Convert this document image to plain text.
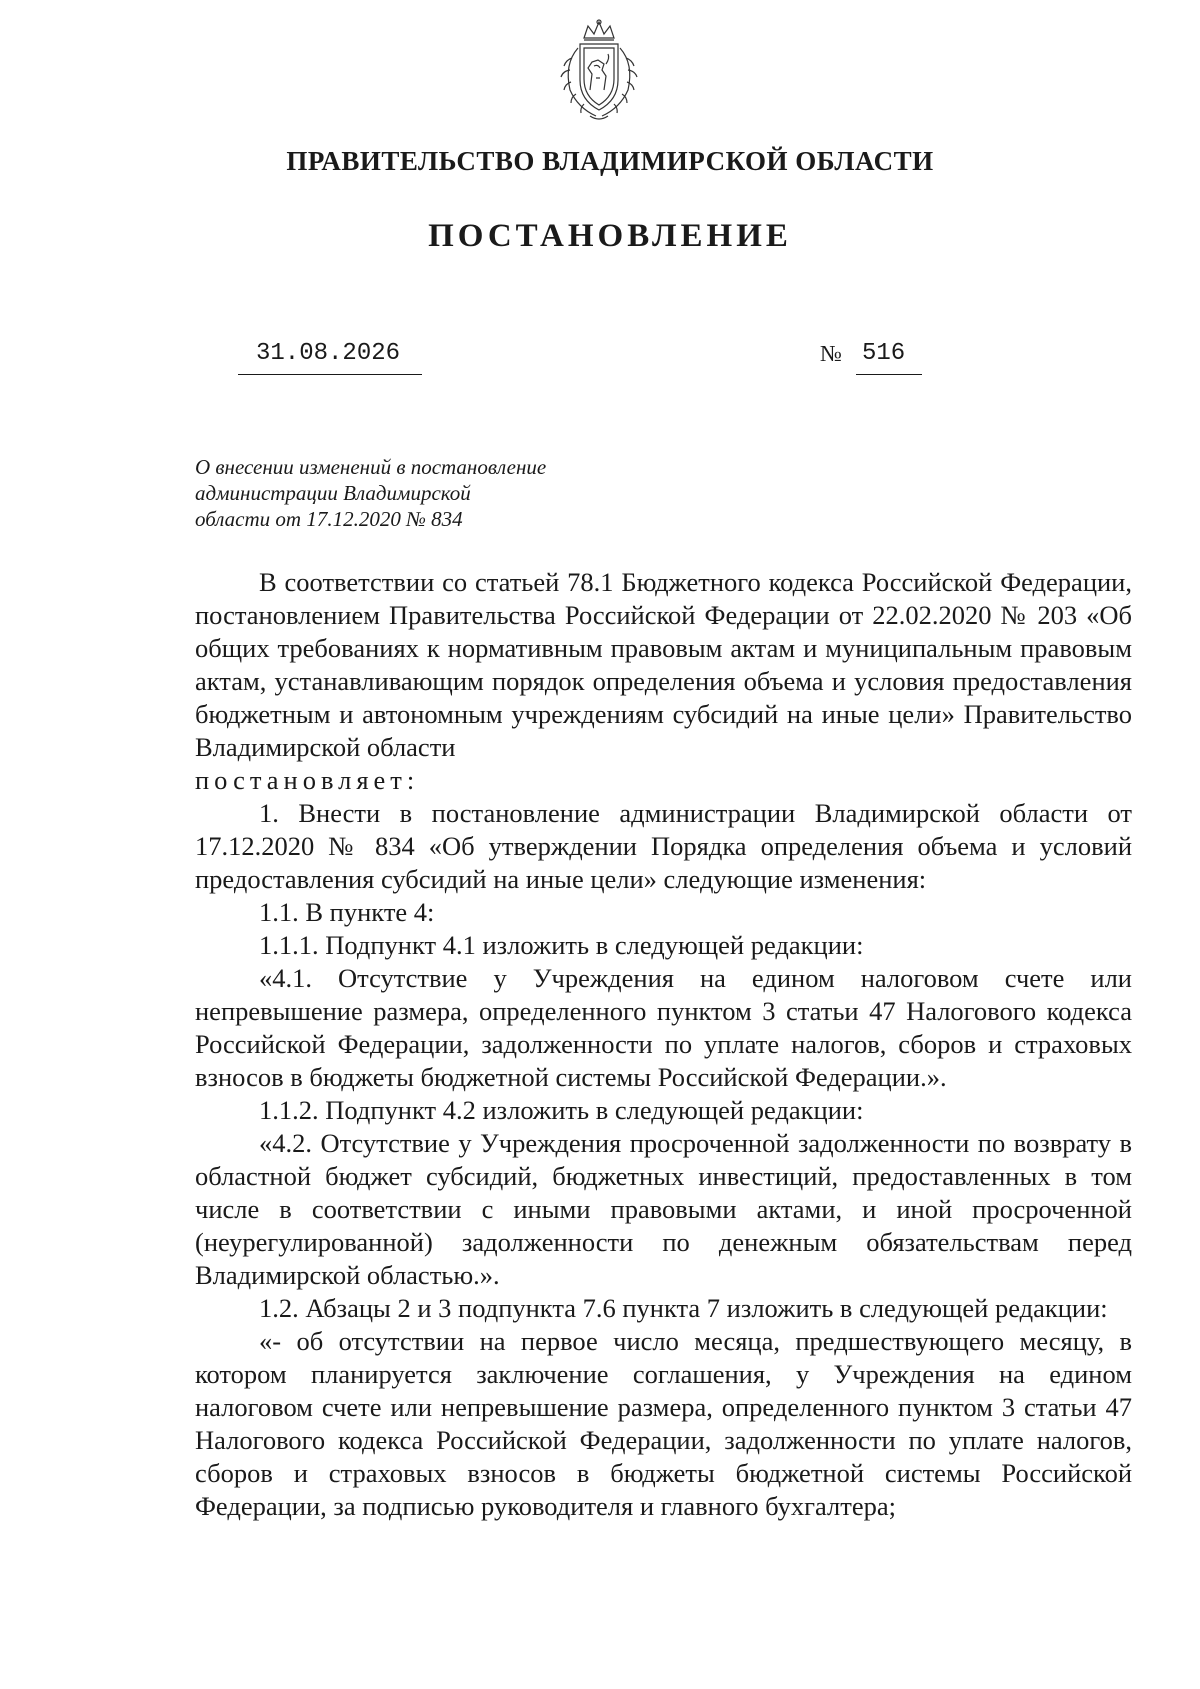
ПРАВИТЕЛЬСТВО ВЛАДИМИРСКОЙ ОБЛАСТИ
ПОСТАНОВЛЕНИЕ
31.08.2026	№ 516
О внесении изменений в постановление
администрации Владимирской
области от 17.12.2020 № 834

В соответствии со статьей 78.1 Бюджетного кодекса Российской Федерации, постановлением Правительства Российской Федерации от 22.02.2020 № 203 «Об общих требованиях к нормативным правовым актам и муниципальным правовым актам, устанавливающим порядок определения объема и условия предоставления бюджетным и автономным учреждениям субсидий на иные цели» Правительство Владимирской области

постановляет:

1. Внести в постановление администрации Владимирской области от 17.12.2020 № 834 «Об утверждении Порядка определения объема и условий предоставления субсидий на иные цели» следующие изменения:

1.1. В пункте 4:

1.1.1. Подпункт 4.1 изложить в следующей редакции:

«4.1. Отсутствие у Учреждения на едином налоговом счете или непревышение размера, определенного пунктом 3 статьи 47 Налогового кодекса Российской Федерации, задолженности по уплате налогов, сборов и страховых взносов в бюджеты бюджетной системы Российской Федерации.».

1.1.2. Подпункт 4.2 изложить в следующей редакции:

«4.2. Отсутствие у Учреждения просроченной задолженности по возврату в областной бюджет субсидий, бюджетных инвестиций, предоставленных в том числе в соответствии с иными правовыми актами, и иной просроченной (неурегулированной) задолженности по денежным обязательствам перед Владимирской областью.».

1.2. Абзацы 2 и 3 подпункта 7.6 пункта 7 изложить в следующей редакции:

«- об отсутствии на первое число месяца, предшествующего месяцу, в котором планируется заключение соглашения, у Учреждения на едином налоговом счете или непревышение размера, определенного пунктом 3 статьи 47 Налогового кодекса Российской Федерации, задолженности по уплате налогов, сборов и страховых взносов в бюджеты бюджетной системы Российской Федерации, за подписью руководителя и главного бухгалтера;
